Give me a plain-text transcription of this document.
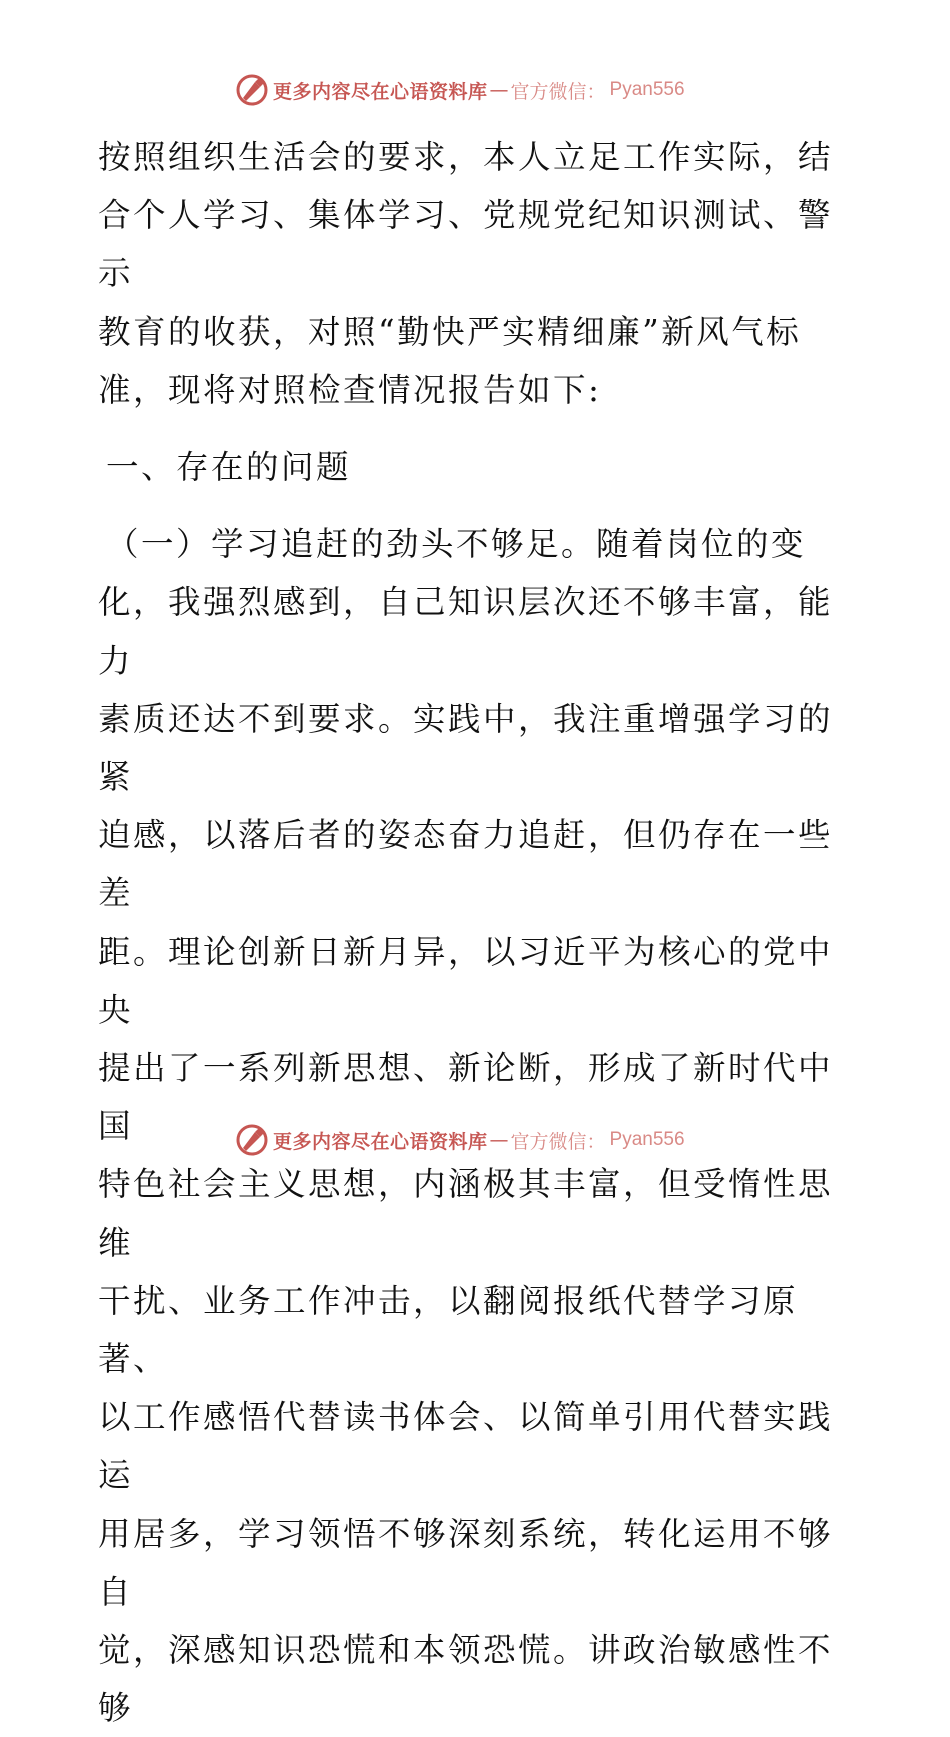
更多内容尽在心语资料库 — 官方微信 ： Pyan556

按照组织生活会的要求，本人立足工作实际，结

合个人学习、集体学习、党规党纪知识测试、警示

教育的收获，对照“勤快严实精细廉”新风气标

准，现将对照检查情况报告如下:

一、存在的问题

（一）学习追赶的劲头不够足。随着岗位的变

化，我强烈感到，自己知识层次还不够丰富，能力

素质还达不到要求。实践中，我注重增强学习的紧

迫感，以落后者的姿态奋力追赶，但仍存在一些差

距。理论创新日新月异，以习近平为核心的党中央

提出了一系列新思想、新论断，形成了新时代中国

特色社会主义思想，内涵极其丰富，但受惰性思维

干扰、业务工作冲击，以翻阅报纸代替学习原著、

以工作感悟代替读书体会、以简单引用代替实践运

用居多，学习领悟不够深刻系统，转化运用不够自

觉，深感知识恐慌和本领恐慌。讲政治敏感性不够

更多内容尽在心语资料库 — 官方微信 ： Pyan556
